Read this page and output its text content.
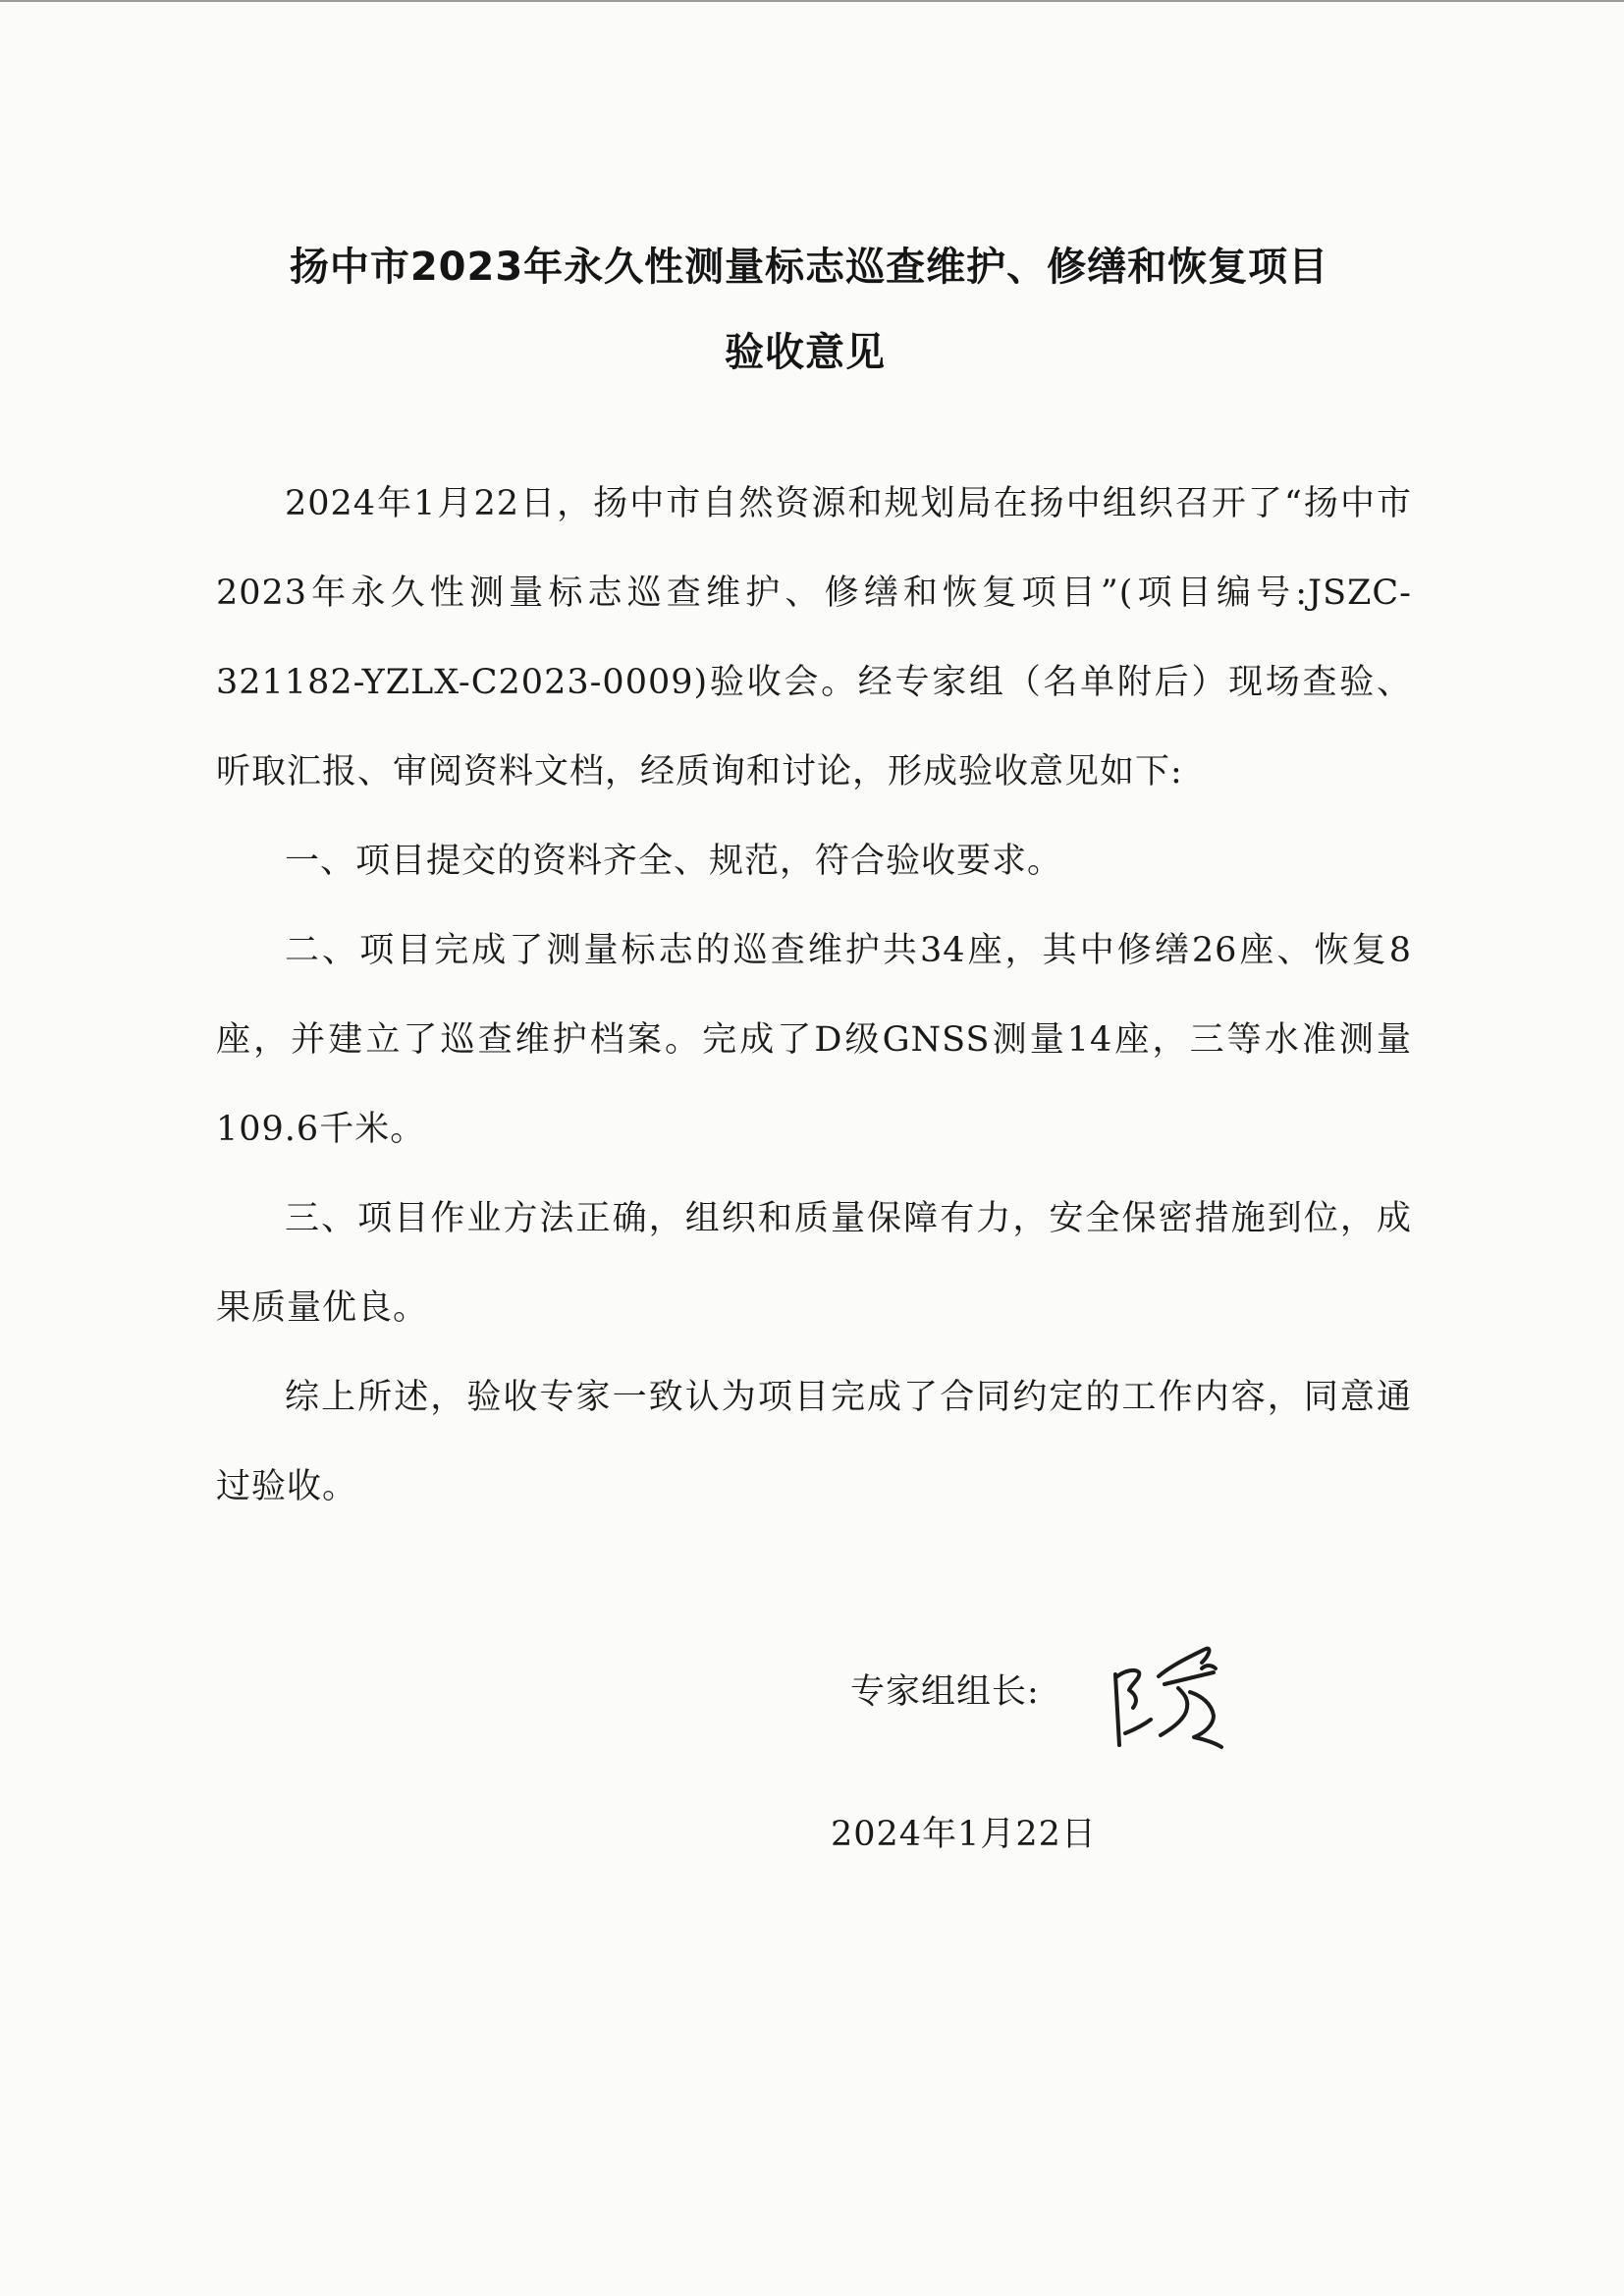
扬中市2023年永久性测量标志巡查维护、修缮和恢复项目
验收意见

2024年1月22日，扬中市自然资源和规划局在扬中组织召开了“扬中市2023年永久性测量标志巡查维护、修缮和恢复项目”(项目编号:JSZC-321182-YZLX-C2023-0009)验收会。经专家组（名单附后）现场查验、听取汇报、审阅资料文档，经质询和讨论，形成验收意见如下:

一、项目提交的资料齐全、规范，符合验收要求。

二、项目完成了测量标志的巡查维护共34座，其中修缮26座、恢复8座，并建立了巡查维护档案。完成了D级GNSS测量14座，三等水准测量109.6千米。

三、项目作业方法正确，组织和质量保障有力，安全保密措施到位，成果质量优良。

综上所述，验收专家一致认为项目完成了合同约定的工作内容，同意通过验收。

专家组组长:
2024年1月22日
